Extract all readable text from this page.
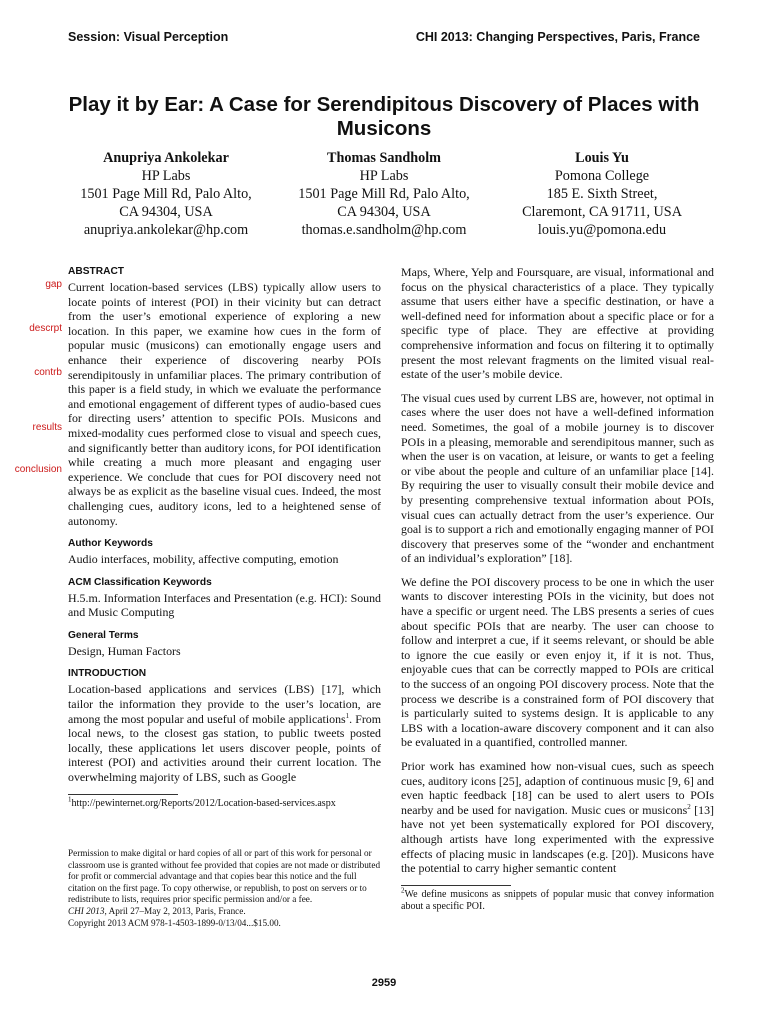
Session: Visual Perception	CHI 2013: Changing Perspectives, Paris, France
Play it by Ear: A Case for Serendipitous Discovery of Places with Musicons
Anupriya Ankolekar
HP Labs
1501 Page Mill Rd, Palo Alto,
CA 94304, USA
anupriya.ankolekar@hp.com
Thomas Sandholm
HP Labs
1501 Page Mill Rd, Palo Alto,
CA 94304, USA
thomas.e.sandholm@hp.com
Louis Yu
Pomona College
185 E. Sixth Street,
Claremont, CA 91711, USA
louis.yu@pomona.edu
gap
descrpt
contrb
results
conclusion
ABSTRACT

Current location-based services (LBS) typically allow users to locate points of interest (POI) in their vicinity but can detract from the user’s emotional experience of exploring a new location. In this paper, we examine how cues in the form of popular music (musicons) can emotionally engage users and enhance their experience of discovering nearby POIs serendipitously in unfamiliar places. The primary contribution of this paper is a field study, in which we evaluate the performance and emotional engagement of different types of audio-based cues for directing users’ attention to specific POIs. Musicons and mixed-modality cues performed close to visual and speech cues, and significantly better than auditory icons, for POI identification while creating a much more pleasant and engaging user experience. We conclude that cues for POI discovery need not always be as explicit as the baseline visual cues. Indeed, the most challenging cues, auditory icons, led to a heightened sense of autonomy.

Author Keywords

Audio interfaces, mobility, affective computing, emotion

ACM Classification Keywords

H.5.m. Information Interfaces and Presentation (e.g. HCI): Sound and Music Computing

General Terms

Design, Human Factors

INTRODUCTION

Location-based applications and services (LBS) [17], which tailor the information they provide to the user’s location, are among the most popular and useful of mobile applications$^1$. From local news, to the closest gas station, to public tweets posted locally, these applications let users discover people, points of interest (POI) and activities around their current location. The overwhelming majority of LBS, such as Google

$^1$http://pewinternet.org/Reports/2012/Location-based-services.aspx
Permission to make digital or hard copies of all or part of this work for personal or classroom use is granted without fee provided that copies are not made or distributed for profit or commercial advantage and that copies bear this notice and the full citation on the first page. To copy otherwise, or republish, to post on servers or to redistribute to lists, requires prior specific permission and/or a fee.
CHI 2013, April 27–May 2, 2013, Paris, France.
Copyright 2013 ACM 978-1-4503-1899-0/13/04...$15.00.

Maps, Where, Yelp and Foursquare, are visual, informational and focus on the physical characteristics of a place. They typically assume that users either have a specific destination, or have a well-defined need for information about a specific place or for a specific type of place. They are effective at providing comprehensive information and focus on filtering it to optimally present the most relevant fragments on the limited visual real-estate of the user’s mobile device.

The visual cues used by current LBS are, however, not optimal in cases where the user does not have a well-defined information need. Sometimes, the goal of a mobile journey is to discover POIs in a pleasing, memorable and serendipitous manner, such as when the user is on vacation, at leisure, or wants to get a feeling or vibe about the people and culture of an unfamiliar place [14]. By requiring the user to visually consult their mobile device and by presenting comprehensive textual information about POIs, visual cues can actually detract from the user’s experience. Our goal is to support a rich and emotionally engaging manner of POI discovery that preserves some of the “wonder and enchantment of an individual’s exploration” [18].

We define the POI discovery process to be one in which the user wants to discover interesting POIs in the vicinity, but does not have a specific or urgent need. The LBS presents a series of cues about specific POIs that are nearby. The user can choose to follow and interpret a cue, if it seems relevant, or should be able to ignore the cue easily or even enjoy it, if it is not. Thus, enjoyable cues that can be correctly mapped to POIs are critical to the success of an ongoing POI discovery process. Note that the process we describe is a constrained form of POI discovery that is particularly suited to systems design. It is applicable to any LBS with a location-aware discovery component and it can also be evaluated in a quantified, controlled manner.

Prior work has examined how non-visual cues, such as speech cues, auditory icons [25], adaption of continuous music [9, 6] and even haptic feedback [18] can be used to alert users to POIs nearby and be used for navigation. Music cues or musicons$^2$ [13] have not yet been systematically explored for POI discovery, although artists have long experimented with the expressive effects of placing music in landscapes (e.g. [20]). Musicons have the potential to carry higher semantic content

$^2$We define musicons as snippets of popular music that convey information about a specific POI.
2959
